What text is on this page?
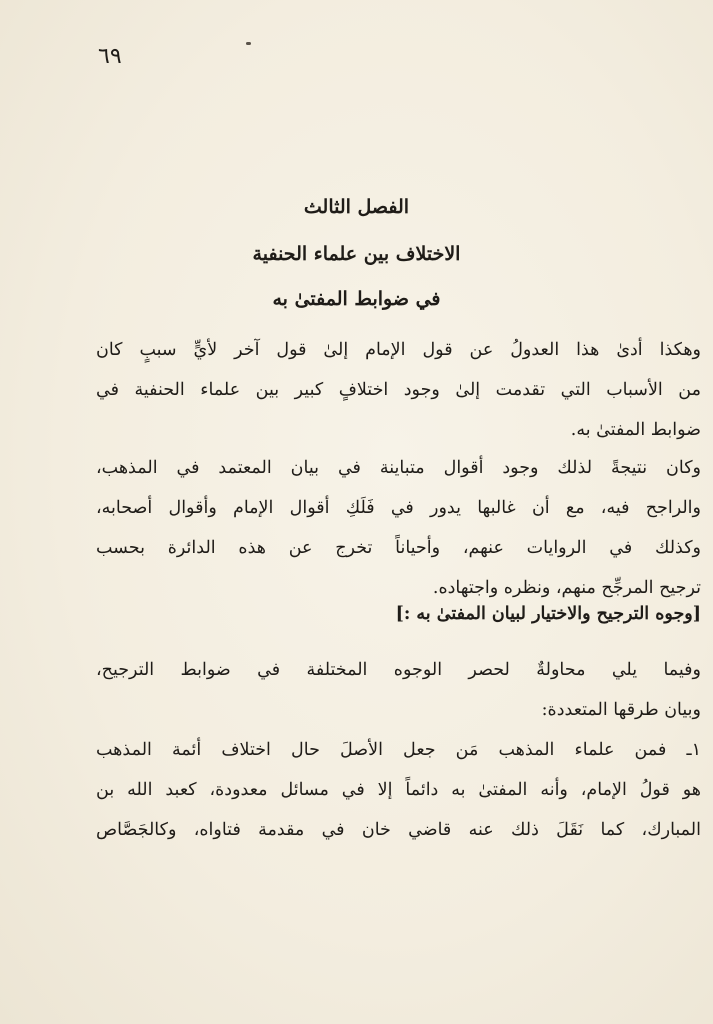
٦٩
الفصل الثالث
الاختلاف بين علماء الحنفية
في ضوابط المفتىٰ به
وهكذا أدىٰ هذا العدولُ عن قول الإمام إلىٰ قول آخر لأيٍّ سببٍ كان
من الأسباب التي تقدمت إلىٰ وجود اختلافٍ كبير بين علماء الحنفية في
ضوابط المفتىٰ به.
وكان نتيجةً لذلك وجود أقوال متباينة في بيان المعتمد في المذهب،
والراجح فيه، مع أن غالبها يدور في فَلَكِ أقوال الإمام وأقوال أصحابه،
وكذلك في الروايات عنهم، وأحياناً تخرج عن هذه الدائرة بحسب
ترجيح المرجِّح منهم، ونظره واجتهاده.
[وجوه الترجيح والاختيار لبيان المفتىٰ به :]
وفيما يلي محاولةٌ لحصر الوجوه المختلفة في ضوابط الترجيح،
وبيان طرقها المتعددة:
١ـ فمن علماء المذهب مَن جعل الأصلَ حال اختلاف أئمة المذهب
هو قولُ الإمام، وأنه المفتىٰ به دائماً إلا في مسائل معدودة، كعبد الله بن
المبارك، كما نَقَلَ ذلك عنه قاضي خان في مقدمة فتاواه، وكالجَصَّاص
